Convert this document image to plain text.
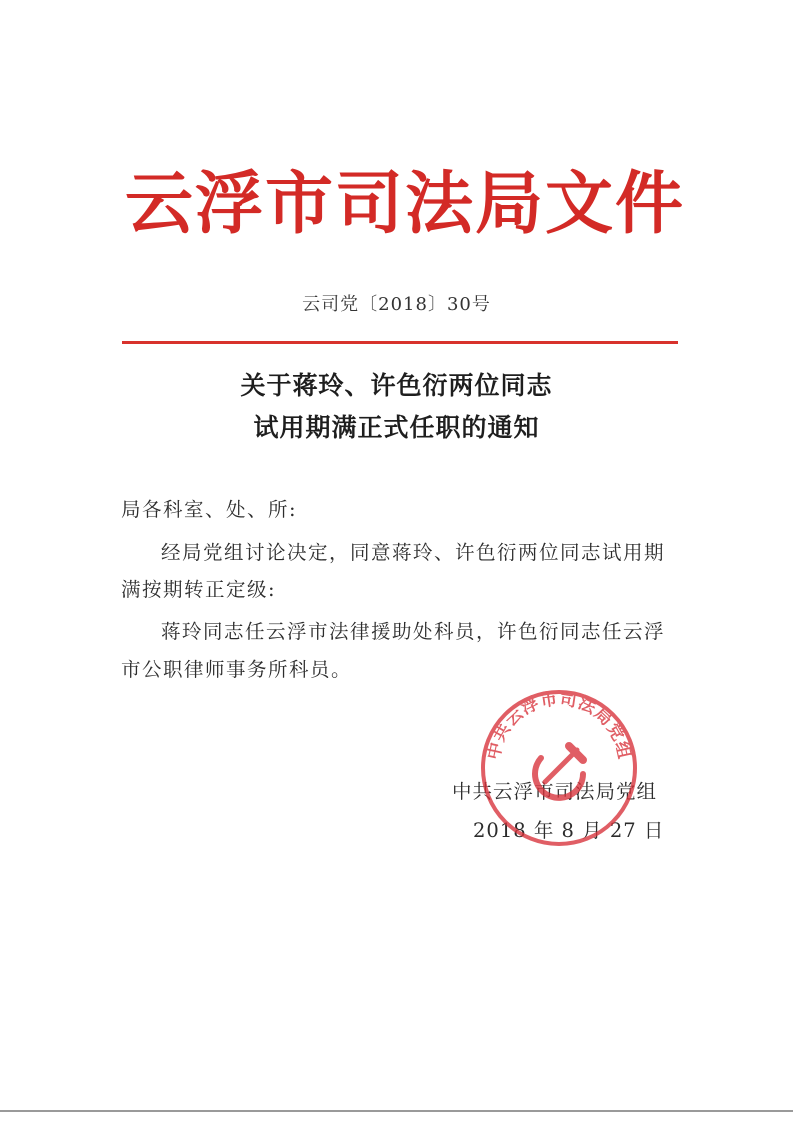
云浮市司法局文件
云司党〔2018〕30号
关于蒋玲、许色衍两位同志
试用期满正式任职的通知
局各科室、处、所:
经局党组讨论决定，同意蒋玲、许色衍两位同志试用期
满按期转正定级:
蒋玲同志任云浮市法律援助处科员，许色衍同志任云浮
市公职律师事务所科员。
中共云浮市司法局党组
2018 年 8 月 27 日
中共云浮市司法局党组
